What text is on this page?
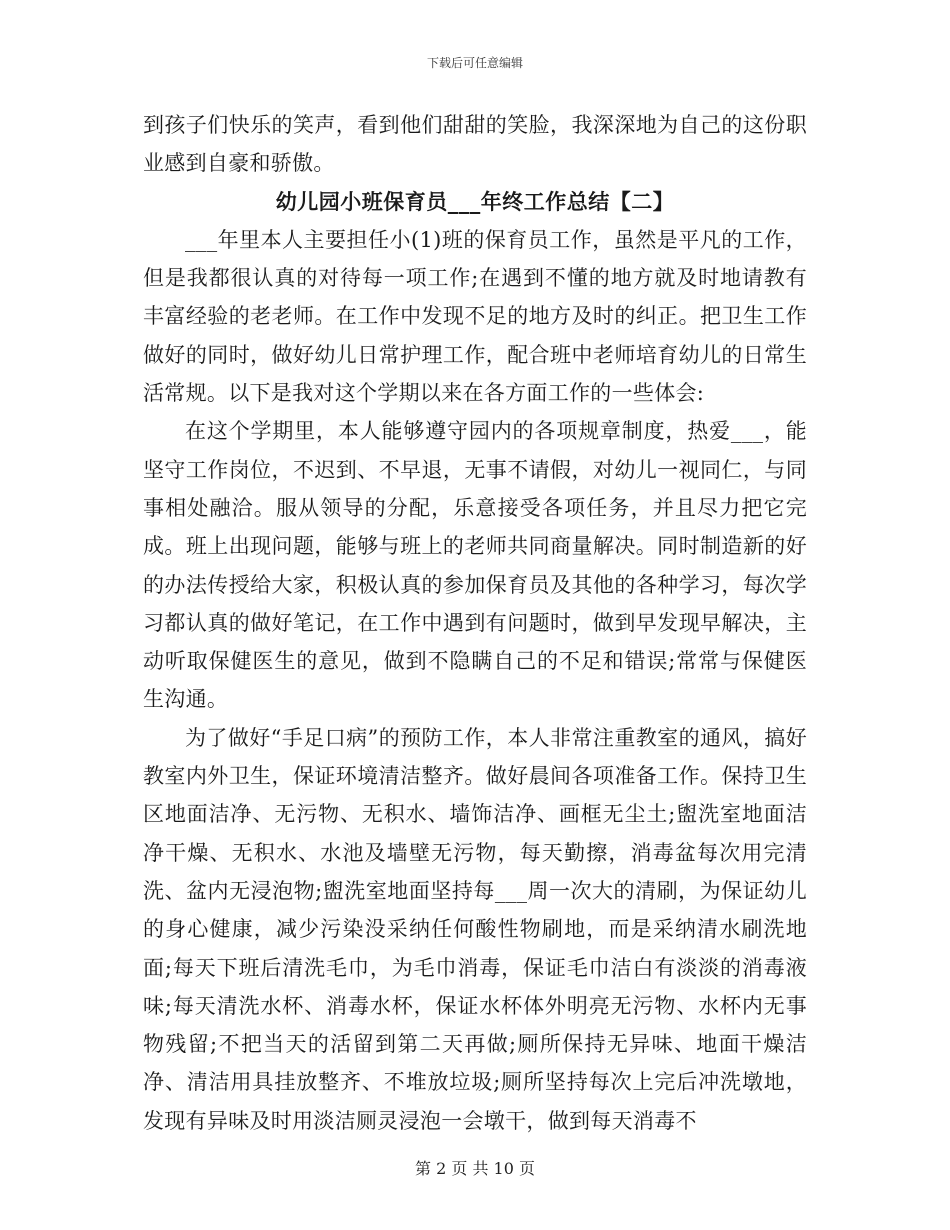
下载后可任意编辑

到孩子们快乐的笑声，看到他们甜甜的笑脸，我深深地为自己的这份职业感到自豪和骄傲。

幼儿园小班保育员___年终工作总结【二】

___年里本人主要担任小(1)班的保育员工作，虽然是平凡的工作，但是我都很认真的对待每一项工作;在遇到不懂的地方就及时地请教有丰富经验的老老师。在工作中发现不足的地方及时的纠正。把卫生工作做好的同时，做好幼儿日常护理工作，配合班中老师培育幼儿的日常生活常规。以下是我对这个学期以来在各方面工作的一些体会:

在这个学期里，本人能够遵守园内的各项规章制度，热爱___，能坚守工作岗位，不迟到、不早退，无事不请假，对幼儿一视同仁，与同事相处融洽。服从领导的分配，乐意接受各项任务，并且尽力把它完成。班上出现问题，能够与班上的老师共同商量解决。同时制造新的好的办法传授给大家，积极认真的参加保育员及其他的各种学习，每次学习都认真的做好笔记，在工作中遇到有问题时，做到早发现早解决，主动听取保健医生的意见，做到不隐瞒自己的不足和错误;常常与保健医生沟通。

为了做好“手足口病”的预防工作，本人非常注重教室的通风，搞好教室内外卫生，保证环境清洁整齐。做好晨间各项准备工作。保持卫生区地面洁净、无污物、无积水、墙饰洁净、画框无尘土;盥洗室地面洁净干燥、无积水、水池及墙壁无污物，每天勤擦，消毒盆每次用完清洗、盆内无浸泡物;盥洗室地面坚持每___周一次大的清刷，为保证幼儿的身心健康，减少污染没采纳任何酸性物刷地，而是采纳清水刷洗地面;每天下班后清洗毛巾，为毛巾消毒，保证毛巾洁白有淡淡的消毒液味;每天清洗水杯、消毒水杯，保证水杯体外明亮无污物、水杯内无事物残留;不把当天的活留到第二天再做;厕所保持无异味、地面干燥洁净、清洁用具挂放整齐、不堆放垃圾;厕所坚持每次上完后冲洗墩地，发现有异味及时用淡洁厕灵浸泡一会墩干，做到每天消毒不

第 2 页 共 10 页
